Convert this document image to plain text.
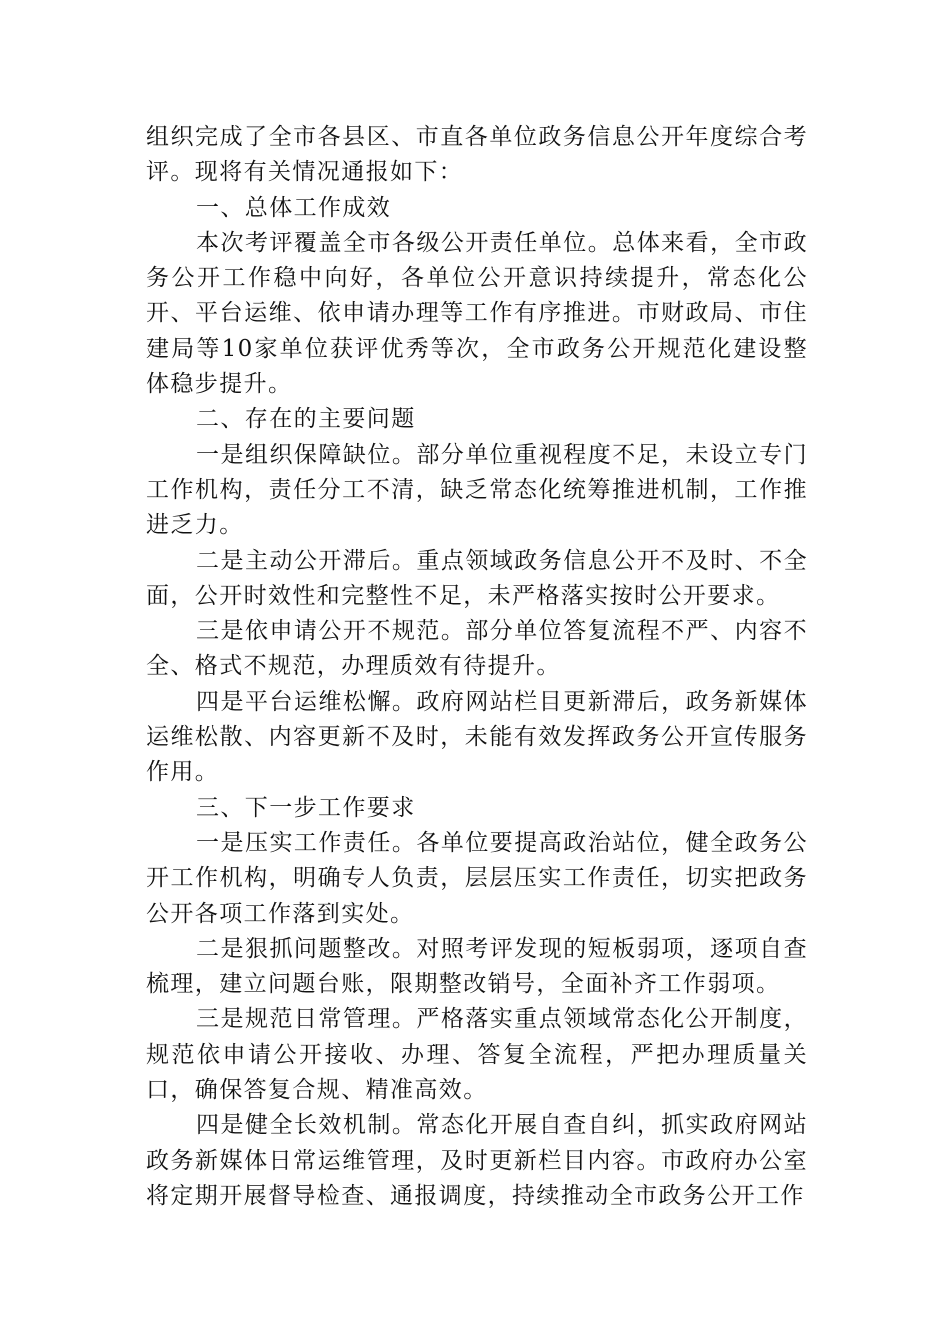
组织完成了全市各县区、市直各单位政务信息公开年度综合考评。现将有关情况通报如下：

一、总体工作成效

本次考评覆盖全市各级公开责任单位。总体来看，全市政务公开工作稳中向好，各单位公开意识持续提升，常态化公开、平台运维、依申请办理等工作有序推进。市财政局、市住建局等10家单位获评优秀等次，全市政务公开规范化建设整体稳步提升。

二、存在的主要问题

一是组织保障缺位。部分单位重视程度不足，未设立专门工作机构，责任分工不清，缺乏常态化统筹推进机制，工作推进乏力。

二是主动公开滞后。重点领域政务信息公开不及时、不全面，公开时效性和完整性不足，未严格落实按时公开要求。

三是依申请公开不规范。部分单位答复流程不严、内容不全、格式不规范，办理质效有待提升。

四是平台运维松懈。政府网站栏目更新滞后，政务新媒体运维松散、内容更新不及时，未能有效发挥政务公开宣传服务作用。

三、下一步工作要求

一是压实工作责任。各单位要提高政治站位，健全政务公开工作机构，明确专人负责，层层压实工作责任，切实把政务公开各项工作落到实处。

二是狠抓问题整改。对照考评发现的短板弱项，逐项自查梳理，建立问题台账，限期整改销号，全面补齐工作弱项。

三是规范日常管理。严格落实重点领域常态化公开制度，规范依申请公开接收、办理、答复全流程，严把办理质量关口，确保答复合规、精准高效。

四是健全长效机制。常态化开展自查自纠，抓实政府网站政务新媒体日常运维管理，及时更新栏目内容。市政府办公室将定期开展督导检查、通报调度，持续推动全市政务公开工作
